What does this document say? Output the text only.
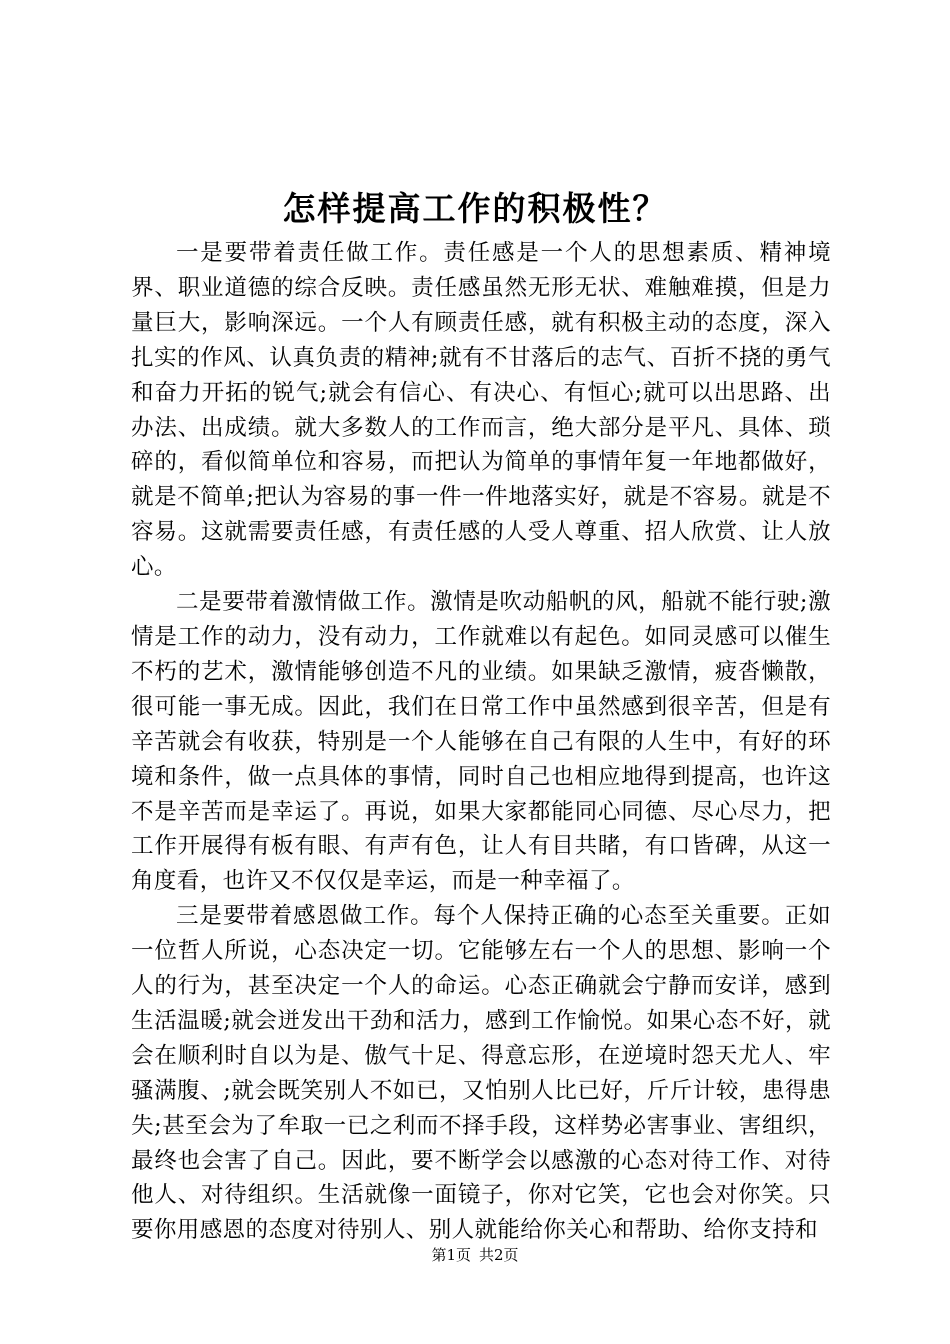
怎样提高工作的积极性？

一是要带着责任做工作。责任感是一个人的思想素质、精神境界、职业道德的综合反映。责任感虽然无形无状、难触难摸，但是力量巨大，影响深远。一个人有顾责任感，就有积极主动的态度，深入扎实的作风、认真负责的精神;就有不甘落后的志气、百折不挠的勇气和奋力开拓的锐气;就会有信心、有决心、有恒心;就可以出思路、出办法、出成绩。就大多数人的工作而言，绝大部分是平凡、具体、琐碎的，看似简单位和容易，而把认为简单的事情年复一年地都做好，就是不简单;把认为容易的事一件一件地落实好，就是不容易。就是不容易。这就需要责任感，有责任感的人受人尊重、招人欣赏、让人放心。

二是要带着激情做工作。激情是吹动船帆的风，船就不能行驶;激情是工作的动力，没有动力，工作就难以有起色。如同灵感可以催生不朽的艺术，激情能够创造不凡的业绩。如果缺乏激情，疲沓懒散，很可能一事无成。因此，我们在日常工作中虽然感到很辛苦，但是有辛苦就会有收获，特别是一个人能够在自己有限的人生中，有好的环境和条件，做一点具体的事情，同时自己也相应地得到提高，也许这不是辛苦而是幸运了。再说，如果大家都能同心同德、尽心尽力，把工作开展得有板有眼、有声有色，让人有目共睹，有口皆碑，从这一角度看，也许又不仅仅是幸运，而是一种幸福了。

三是要带着感恩做工作。每个人保持正确的心态至关重要。正如一位哲人所说，心态决定一切。它能够左右一个人的思想、影响一个人的行为，甚至决定一个人的命运。心态正确就会宁静而安详，感到生活温暖;就会迸发出干劲和活力，感到工作愉悦。如果心态不好，就会在顺利时自以为是、傲气十足、得意忘形，在逆境时怨天尤人、牢骚满腹、;就会既笑别人不如已，又怕别人比已好，斤斤计较，患得患失;甚至会为了牟取一已之利而不择手段，这样势必害事业、害组织，最终也会害了自己。因此，要不断学会以感激的心态对待工作、对待他人、对待组织。生活就像一面镜子，你对它笑，它也会对你笑。只要你用感恩的态度对待别人、别人就能给你关心和帮助、给你支持和

第1页 共2页
